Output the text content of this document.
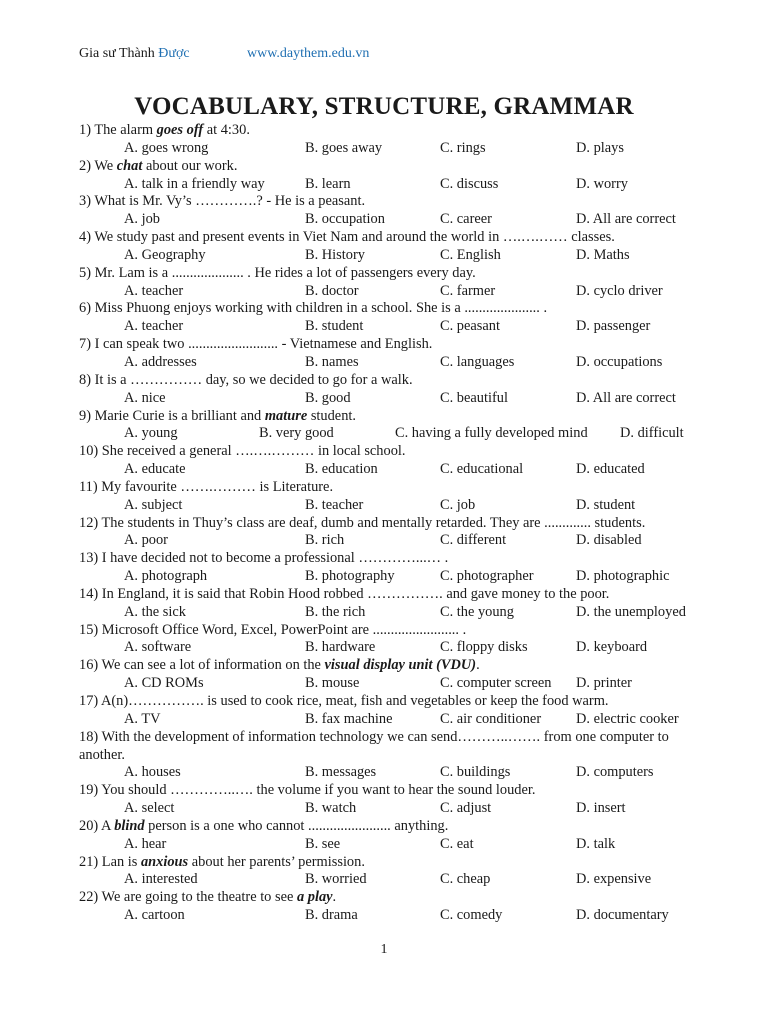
Gia sư Thành Được	www.daythem.edu.vn
VOCABULARY, STRUCTURE, GRAMMAR
1) The alarm goes off at 4:30.
A. goes wrong	B. goes away	C. rings	D. plays
2) We chat about our work.
A. talk in a friendly way	B. learn	C. discuss	D. worry
3) What is Mr. Vy’s ………….? - He is a peasant.
A. job	B. occupation	C. career	D. All are correct
4) We study past and present events in Viet Nam and around the world in ….….…… classes.
A. Geography	B. History	C. English	D. Maths
5) Mr. Lam is a .................... . He rides a lot of passengers every day.
A. teacher	B. doctor	C. farmer	D. cyclo driver
6) Miss Phuong enjoys working with children in a school. She is a ..................... .
A. teacher	B. student	C. peasant	D. passenger
7) I can speak two ......................... - Vietnamese and English.
A. addresses	B. names	C. languages	D. occupations
8) It is a …………… day, so we decided to go for a walk.
A. nice	B. good	C. beautiful	D. All are correct
9) Marie Curie is a brilliant and mature student.
A. young	B. very good	C. having a fully developed mind D. difficult
10) She received a general ….….……… in local school.
A. educate	B. education	C. educational	D. educated
11) My favourite …….……… is Literature.
A. subject	B. teacher	C. job	D. student
12) The students in Thuy’s class are deaf, dumb and mentally retarded. They are ............. students.
A. poor	B. rich	C. different	D. disabled
13) I have decided not to become a professional …………...… .
A. photograph	B. photography	C. photographer	D. photographic
14) In England, it is said that Robin Hood robbed ……………. and gave money to the poor.
A. the sick	B. the rich	C. the young	D. the unemployed
15) Microsoft Office Word, Excel, PowerPoint are ........................ .
A. software	B. hardware	C. floppy disks	D. keyboard
16) We can see a lot of information on the visual display unit (VDU).
A. CD ROMs	B. mouse	C. computer screen D. printer
17) A(n)……………. is used to cook rice, meat, fish and vegetables or keep the food warm.
A. TV	B. fax machine	C. air conditioner D. electric cooker
18) With the development of information technology we can send………..……. from one computer to another.
A. houses	B. messages	C. buildings	D. computers
19) You should …………..…. the volume if you want to hear the sound louder.
A. select	B. watch	C. adjust	D. insert
20) A blind person is a one who cannot ....................... anything.
A. hear	B. see	C. eat	D. talk
21) Lan is anxious about her parents’ permission.
A. interested	B. worried	C. cheap	D. expensive
22) We are going to the theatre to see a play.
A. cartoon	B. drama	C. comedy	D. documentary
1
